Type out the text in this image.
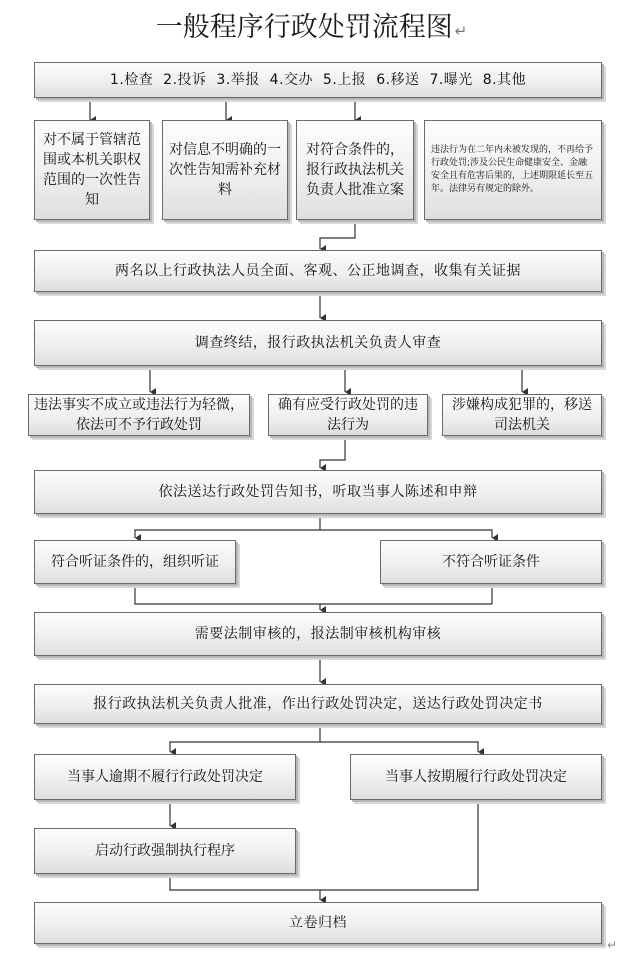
一般程序行政处罚流程图 ↵
1.检查  2.投诉  3.举报  4.交办  5.上报  6.移送  7.曝光  8.其他
对不属于管辖范围或本机关职权范围的一次性告知
对信息不明确的一次性告知需补充材料
对符合条件的，报行政执法机关负责人批准立案
违法行为在二年内未被发现的，不再给予行政处罚;涉及公民生命健康安全、金融安全且有危害后果的，上述期限延长至五年。法律另有规定的除外。
两名以上行政执法人员全面、客观、公正地调查，收集有关证据
调查终结，报行政执法机关负责人审查
违法事实不成立或违法行为轻微，依法可不予行政处罚
确有应受行政处罚的违法行为
涉嫌构成犯罪的，移送司法机关
依法送达行政处罚告知书，听取当事人陈述和申辩
符合听证条件的，组织听证	不符合听证条件
需要法制审核的，报法制审核机构审核
报行政执法机关负责人批准，作出行政处罚决定，送达行政处罚决定书
当事人逾期不履行行政处罚决定	当事人按期履行行政处罚决定
启动行政强制执行程序
立卷归档
↵
